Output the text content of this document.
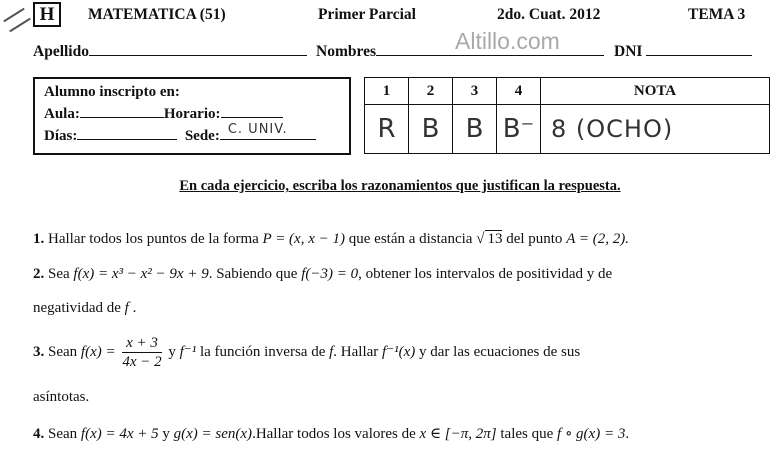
H	MATEMATICA (51)	Primer Parcial	2do. Cuat. 2012	TEMA 3
Apellido	Nombres	DNI
Altillo.com
Alumno inscripto en:
Aula:	Horario:
Días:	Sede: C. UNIV.
1	2	3	4	NOTA
R	B	B	B⁻	8 (OCHO)
En cada ejercicio, escriba los razonamientos que justifican la respuesta.
1. Hallar todos los puntos de la forma P = (x, x − 1) que están a distancia √ 13 del punto A = (2, 2).
2. Sea f(x) = x³ − x² − 9x + 9. Sabiendo que f(−3) = 0, obtener los intervalos de positividad y de
negatividad de f .
3. Sean $f(x) = \frac{x + 3}{4x - 2}$ y f⁻¹ la función inversa de f. Hallar f⁻¹(x) y dar las ecuaciones de sus
asíntotas.
4. Sean f(x) = 4x + 5 y g(x) = sen(x).Hallar todos los valores de x ∈ [−π, 2π] tales que f ∘ g(x) = 3.
